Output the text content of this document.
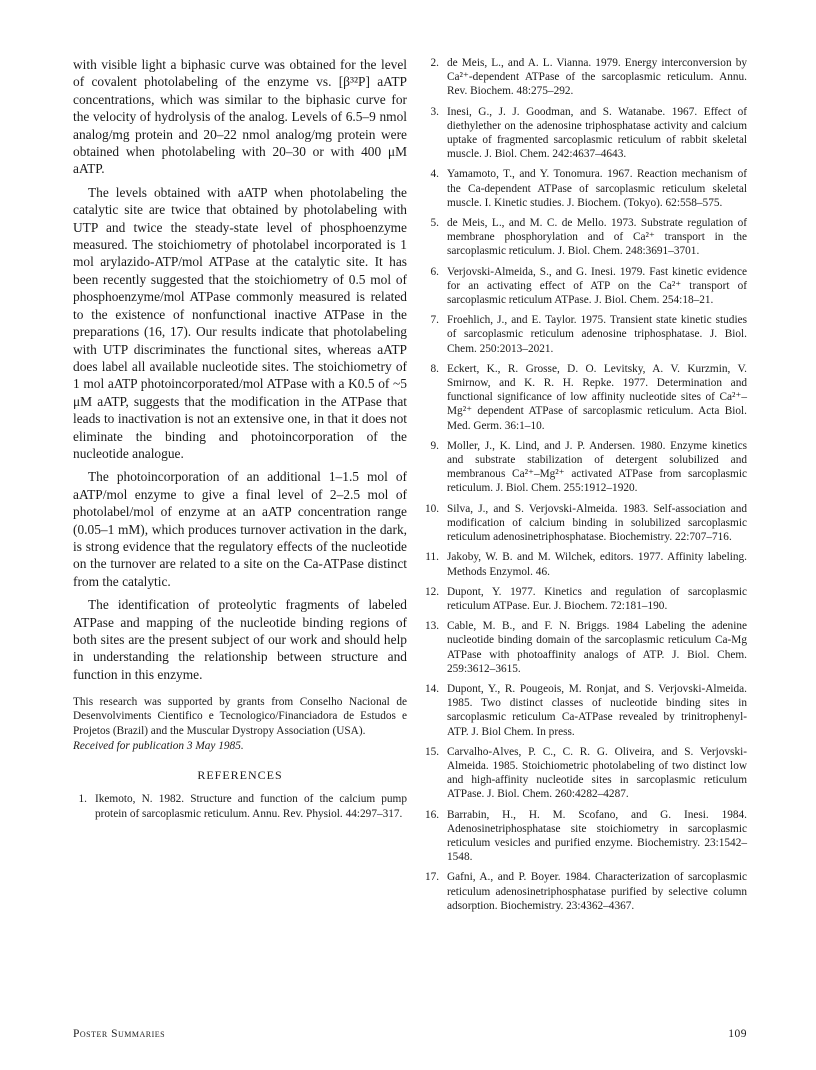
with visible light a biphasic curve was obtained for the level of covalent photolabeling of the enzyme vs. [β³²P] aATP concentrations, which was similar to the biphasic curve for the velocity of hydrolysis of the analog. Levels of 6.5–9 nmol analog/mg protein and 20–22 nmol analog/mg protein were obtained when photolabeling with 20–30 or with 400 μM aATP.

The levels obtained with aATP when photolabeling the catalytic site are twice that obtained by photolabeling with UTP and twice the steady-state level of phosphoenzyme measured. The stoichiometry of photolabel incorporated is 1 mol arylazido-ATP/mol ATPase at the catalytic site. It has been recently suggested that the stoichiometry of 0.5 mol of phosphoenzyme/mol ATPase commonly measured is related to the existence of nonfunctional inactive ATPase in the preparations (16, 17). Our results indicate that photolabeling with UTP discriminates the functional sites, whereas aATP does label all available nucleotide sites. The stoichiometry of 1 mol aATP photoincorporated/mol ATPase with a K0.5 of ~5 μM aATP, suggests that the modification in the ATPase that leads to inactivation is not an extensive one, in that it does not eliminate the binding and photoincorporation of the nucleotide analogue.

The photoincorporation of an additional 1–1.5 mol of aATP/mol enzyme to give a final level of 2–2.5 mol of photolabel/mol of enzyme at an aATP concentration range (0.05–1 mM), which produces turnover activation in the dark, is strong evidence that the regulatory effects of the nucleotide on the turnover are related to a site on the Ca-ATPase distinct from the catalytic.

The identification of proteolytic fragments of labeled ATPase and mapping of the nucleotide binding regions of both sites are the present subject of our work and should help in understanding the relationship between structure and function in this enzyme.

This research was supported by grants from Conselho Nacional de Desenvolviments Cientifico e Tecnologico/Financiadora de Estudos e Projetos (Brazil) and the Muscular Dystropy Association (USA).
Received for publication 3 May 1985.
REFERENCES
1. Ikemoto, N. 1982. Structure and function of the calcium pump protein of sarcoplasmic reticulum. Annu. Rev. Physiol. 44:297–317.
2. de Meis, L., and A. L. Vianna. 1979. Energy interconversion by Ca²⁺-dependent ATPase of the sarcoplasmic reticulum. Annu. Rev. Biochem. 48:275–292.
3. Inesi, G., J. J. Goodman, and S. Watanabe. 1967. Effect of diethylether on the adenosine triphosphatase activity and calcium uptake of fragmented sarcoplasmic reticulum of rabbit skeletal muscle. J. Biol. Chem. 242:4637–4643.
4. Yamamoto, T., and Y. Tonomura. 1967. Reaction mechanism of the Ca-dependent ATPase of sarcoplasmic reticulum skeletal muscle. I. Kinetic studies. J. Biochem. (Tokyo). 62:558–575.
5. de Meis, L., and M. C. de Mello. 1973. Substrate regulation of membrane phosphorylation and of Ca²⁺ transport in the sarcoplasmic reticulum. J. Biol. Chem. 248:3691–3701.
6. Verjovski-Almeida, S., and G. Inesi. 1979. Fast kinetic evidence for an activating effect of ATP on the Ca²⁺ transport of sarcoplasmic reticulum ATPase. J. Biol. Chem. 254:18–21.
7. Froehlich, J., and E. Taylor. 1975. Transient state kinetic studies of sarcoplasmic reticulum adenosine triphosphatase. J. Biol. Chem. 250:2013–2021.
8. Eckert, K., R. Grosse, D. O. Levitsky, A. V. Kurzmin, V. Smirnow, and K. R. H. Repke. 1977. Determination and functional significance of low affinity nucleotide sites of Ca²⁺–Mg²⁺ dependent ATPase of sarcoplasmic reticulum. Acta Biol. Med. Germ. 36:1–10.
9. Moller, J., K. Lind, and J. P. Andersen. 1980. Enzyme kinetics and substrate stabilization of detergent solubilized and membranous Ca²⁺–Mg²⁺ activated ATPase from sarcoplasmic reticulum. J. Biol. Chem. 255:1912–1920.
10. Silva, J., and S. Verjovski-Almeida. 1983. Self-association and modification of calcium binding in solubilized sarcoplasmic reticulum adenosinetriphosphatase. Biochemistry. 22:707–716.
11. Jakoby, W. B. and M. Wilchek, editors. 1977. Affinity labeling. Methods Enzymol. 46.
12. Dupont, Y. 1977. Kinetics and regulation of sarcoplasmic reticulum ATPase. Eur. J. Biochem. 72:181–190.
13. Cable, M. B., and F. N. Briggs. 1984 Labeling the adenine nucleotide binding domain of the sarcoplasmic reticulum Ca-Mg ATPase with photoaffinity analogs of ATP. J. Biol. Chem. 259:3612–3615.
14. Dupont, Y., R. Pougeois, M. Ronjat, and S. Verjovski-Almeida. 1985. Two distinct classes of nucleotide binding sites in sarcoplasmic reticulum Ca-ATPase revealed by trinitrophenyl-ATP. J. Biol Chem. In press.
15. Carvalho-Alves, P. C., C. R. G. Oliveira, and S. Verjovski-Almeida. 1985. Stoichiometric photolabeling of two distinct low and high-affinity nucleotide sites in sarcoplasmic reticulum ATPase. J. Biol. Chem. 260:4282–4287.
16. Barrabin, H., H. M. Scofano, and G. Inesi. 1984. Adenosinetriphosphatase site stoichiometry in sarcoplasmic reticulum vesicles and purified enzyme. Biochemistry. 23:1542–1548.
17. Gafni, A., and P. Boyer. 1984. Characterization of sarcoplasmic reticulum adenosinetriphosphatase purified by selective column adsorption. Biochemistry. 23:4362–4367.
Poster Summaries	109
